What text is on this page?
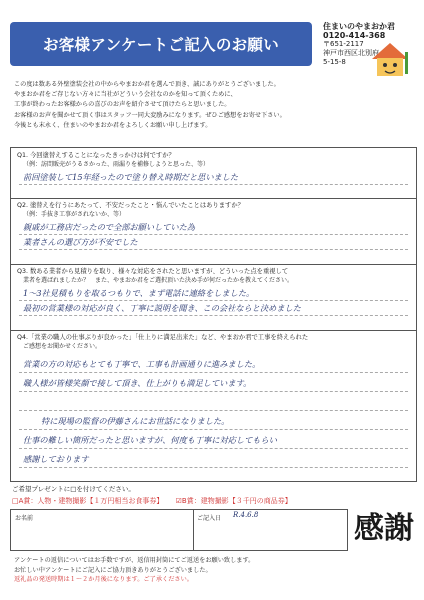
お客様アンケートご記入のお願い
住まいのやまおか君
0120-414-368
〒651-2117
神戸市西区北別府
5-15-8

この度は数ある外壁塗装会社の中からやまおか君を選んで頂き、誠にありがとうございました。

やまおか君をご存じない方々に当社がどういう会社なのかを知って頂くために、

工事が終わったお客様からの喜びのお声を紹介させて頂けたらと思いました。

お客様のお声を聞かせて頂く事はスタッフ一同大変励みになります。ぜひご感想をお寄せ下さい。

今後とも末永く、住まいのやまおか君をよろしくお願い申し上げます。

Q1. 今回塗替えすることになったきっかけは何ですか？
（例：訪問販売がうるさかった、雨漏りを補修しようと思った、等）
前回塗装して15年経ったので塗り替え時期だと思いました
Q2. 塗替えを行うにあたって、不安だったこと・悩んでいたことはありますか？
（例：手抜き工事がされないか、等）
親戚が工務店だったので全部お願いしていた為
業者さんの選び方が不安でした
Q3. 数ある業者から見積りを取り、様々な対応をされたと思いますが、どういった点を重視して
業者を選ばれましたか？　また、やまおか君をご選択頂いた決め手が何だったかを教えてください。
1～3社見積もりを取るつもりで、まず電話に連絡をしました。
最初の営業様の対応が良く、丁寧に説明を聞き、この会社ならと決めました
Q4.「営業の職人の仕事ぶりが良かった」「仕上りに満足出来た」など、やまおか君で工事を終えられた
ご感想をお聞かせください。
営業の方の対応もとても丁寧で、工事も計画通りに進みました。
職人様が皆様笑顔で接して頂き、仕上がりも満足しています。
特に現場の監督の伊藤さんにお世話になりました。
仕事の難しい箇所だったと思いますが、何度も丁寧に対応してもらい
感謝しております
ご希望プレゼントに□を付けてください。
□A賞：人物・建物撮影【１万円相当お食事券】 ☑B賞：建物撮影【３千円の商品券】
お名前	ご記入日 R.4.6.8	感謝

アンケートの返信についてはお手数ですが、返信用封筒にてご返送をお願い致します。

お忙しい中アンケートにご記入にご協力頂きありがとうございました。

返礼品の発送時期は１～２か月後になります。ご了承ください。
